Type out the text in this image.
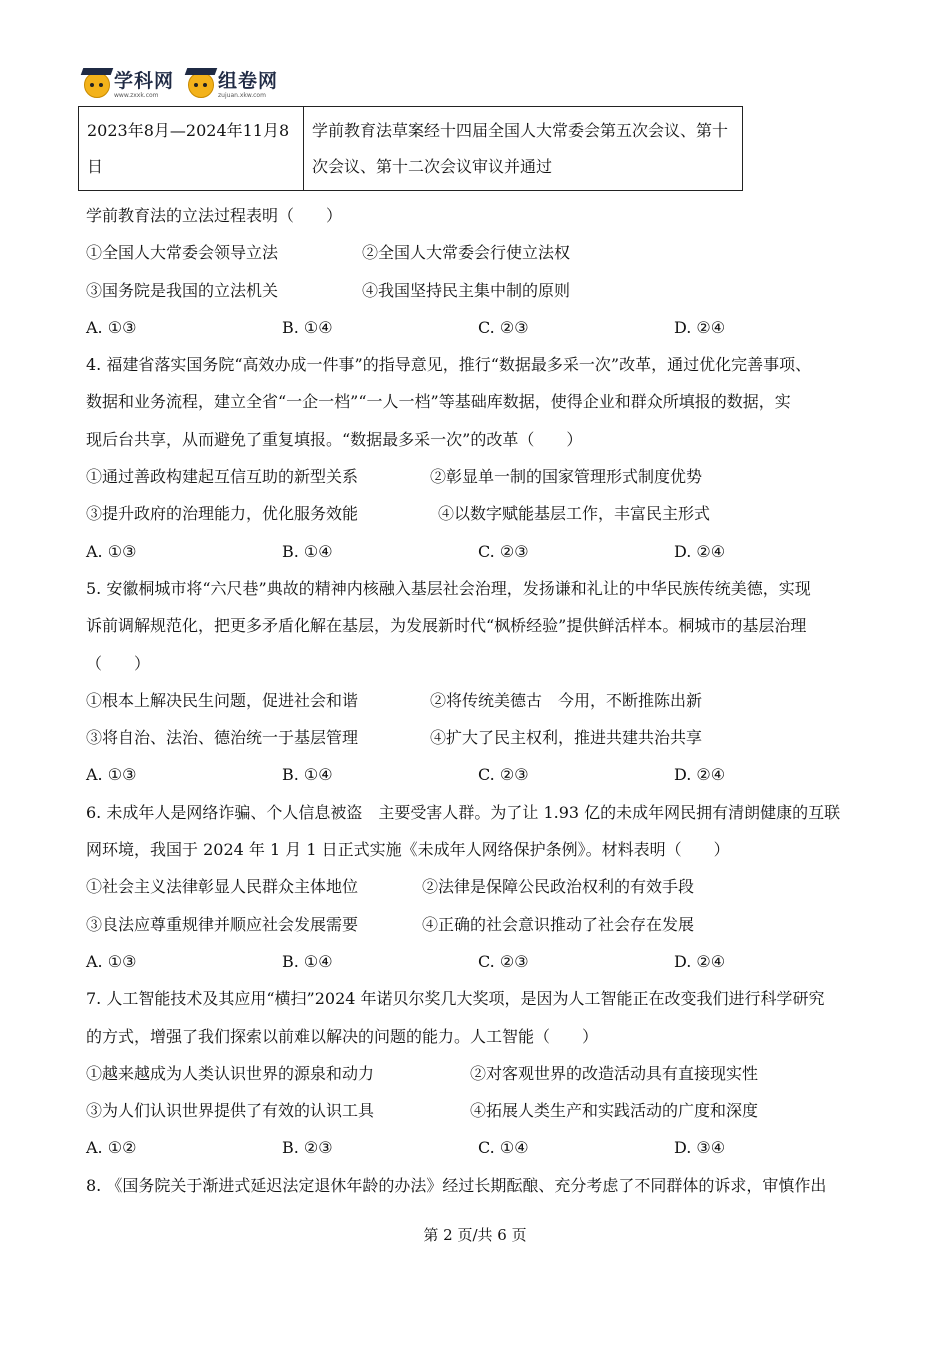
学科网
www.zxxk.com
组卷网
zujuan.xkw.com
2023年8月—2024年11月8日	学前教育法草案经十四届全国人大常委会第五次会议、第十次会议、第十二次会议审议并通过
学前教育法的立法过程表明（　　）
①全国人大常委会领导立法	②全国人大常委会行使立法权
③国务院是我国的立法机关	④我国坚持民主集中制的原则
A. ①③	B. ①④	C. ②③	D. ②④
4. 福建省落实国务院“高效办成一件事”的指导意见，推行“数据最多采一次”改革，通过优化完善事项、
数据和业务流程，建立全省“一企一档”“一人一档”等基础库数据，使得企业和群众所填报的数据，实
现后台共享，从而避免了重复填报。“数据最多采一次”的改革（　　）
①通过善政构建起互信互助的新型关系	②彰显单一制的国家管理形式制度优势
③提升政府的治理能力，优化服务效能	④以数字赋能基层工作，丰富民主形式
A. ①③	B. ①④	C. ②③	D. ②④
5. 安徽桐城市将“六尺巷”典故的精神内核融入基层社会治理，发扬谦和礼让的中华民族传统美德，实现
诉前调解规范化，把更多矛盾化解在基层，为发展新时代“枫桥经验”提供鲜活样本。桐城市的基层治理
（　　）
①根本上解决民生问题，促进社会和谐	②将传统美德古　今用，不断推陈出新
③将自治、法治、德治统一于基层管理	④扩大了民主权利，推进共建共治共享
A. ①③	B. ①④	C. ②③	D. ②④
6. 未成年人是网络诈骗、个人信息被盗　主要受害人群。为了让 1.93 亿的未成年网民拥有清朗健康的互联
网环境，我国于 2024 年 1 月 1 日正式实施《未成年人网络保护条例》。材料表明（　　）
①社会主义法律彰显人民群众主体地位	②法律是保障公民政治权利的有效手段
③良法应尊重规律并顺应社会发展需要	④正确的社会意识推动了社会存在发展
A. ①③	B. ①④	C. ②③	D. ②④
7. 人工智能技术及其应用“横扫”2024 年诺贝尔奖几大奖项，是因为人工智能正在改变我们进行科学研究
的方式，增强了我们探索以前难以解决的问题的能力。人工智能（　　）
①越来越成为人类认识世界的源泉和动力	②对客观世界的改造活动具有直接现实性
③为人们认识世界提供了有效的认识工具	④拓展人类生产和实践活动的广度和深度
A. ①②	B. ②③	C. ①④	D. ③④
8. 《国务院关于渐进式延迟法定退休年龄的办法》经过长期酝酿、充分考虑了不同群体的诉求，审慎作出
第 2 页/共 6 页
